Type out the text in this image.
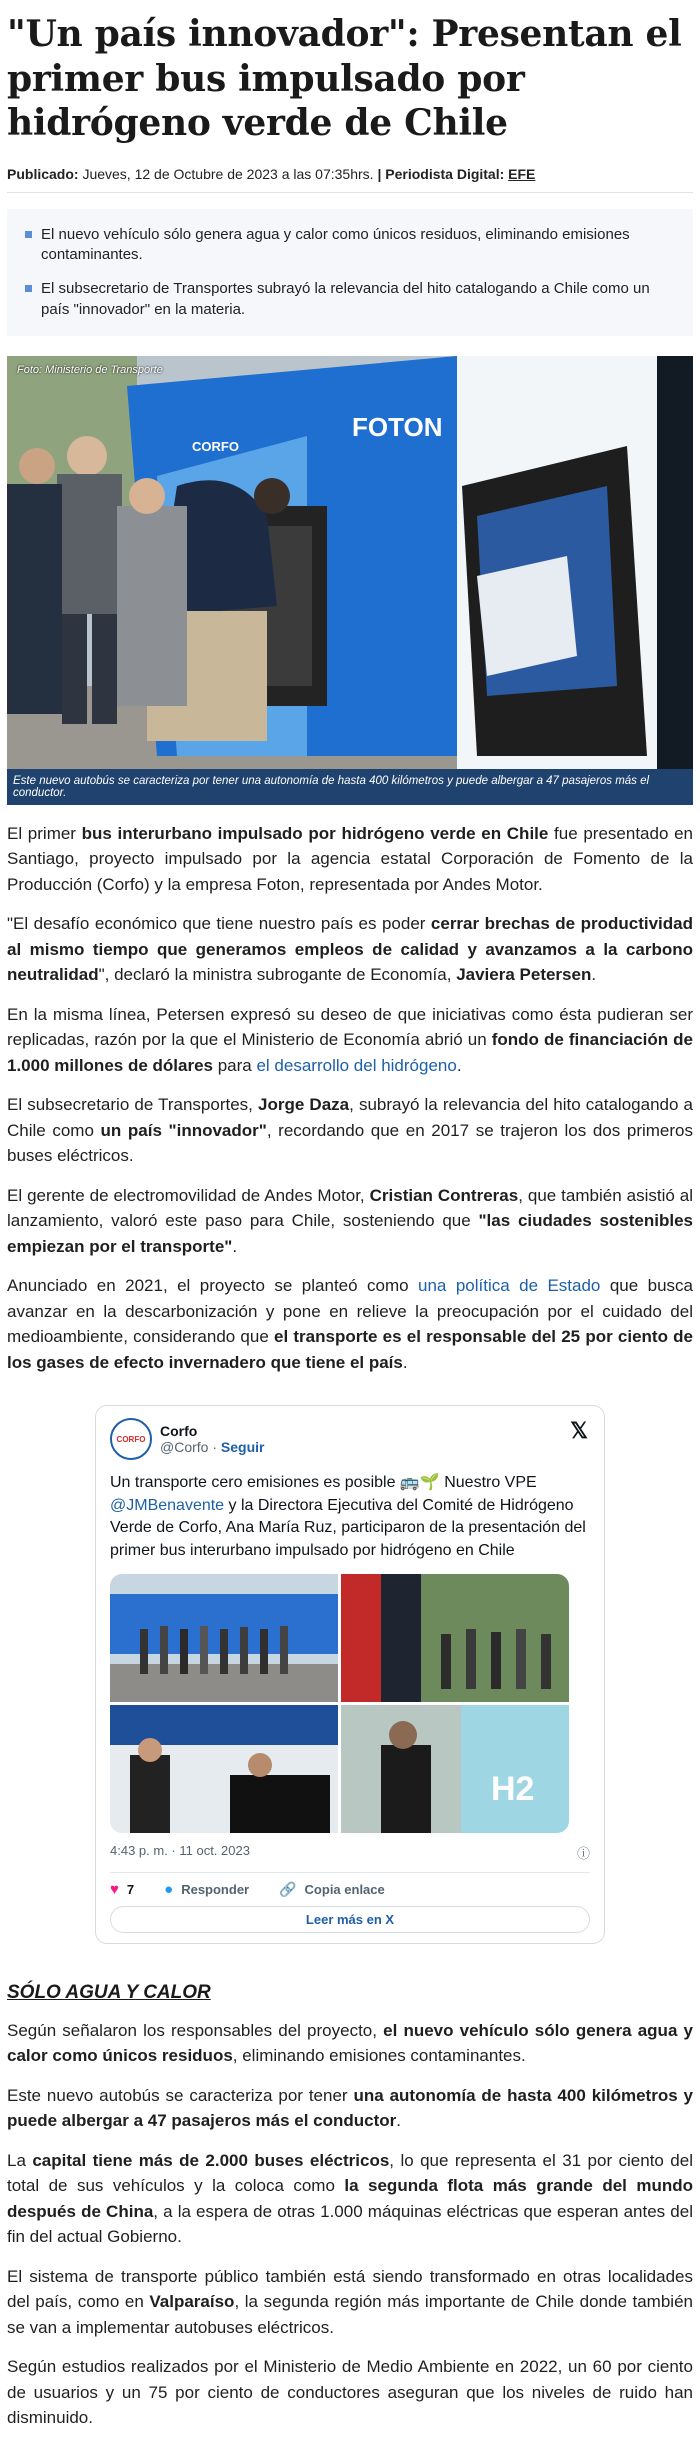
"Un país innovador": Presentan el primer bus impulsado por hidrógeno verde de Chile
Publicado: Jueves, 12 de Octubre de 2023 a las 07:35hrs. | Periodista Digital: EFE
El nuevo vehículo sólo genera agua y calor como únicos residuos, eliminando emisiones contaminantes.
El subsecretario de Transportes subrayó la relevancia del hito catalogando a Chile como un país "innovador" en la materia.
Foto: Ministerio de Transporte
FOTON
CORFO
Este nuevo autobús se caracteriza por tener una autonomía de hasta 400 kilómetros y puede albergar a 47 pasajeros más el conductor.

El primer bus interurbano impulsado por hidrógeno verde en Chile fue presentado en Santiago, proyecto impulsado por la agencia estatal Corporación de Fomento de la Producción (Corfo) y la empresa Foton, representada por Andes Motor.

"El desafío económico que tiene nuestro país es poder cerrar brechas de productividad al mismo tiempo que generamos empleos de calidad y avanzamos a la carbono neutralidad", declaró la ministra subrogante de Economía, Javiera Petersen.

En la misma línea, Petersen expresó su deseo de que iniciativas como ésta pudieran ser replicadas, razón por la que el Ministerio de Economía abrió un fondo de financiación de 1.000 millones de dólares para el desarrollo del hidrógeno.

El subsecretario de Transportes, Jorge Daza, subrayó la relevancia del hito catalogando a Chile como un país "innovador", recordando que en 2017 se trajeron los dos primeros buses eléctricos.

El gerente de electromovilidad de Andes Motor, Cristian Contreras, que también asistió al lanzamiento, valoró este paso para Chile, sosteniendo que "las ciudades sostenibles empiezan por el transporte".

Anunciado en 2021, el proyecto se planteó como una política de Estado que busca avanzar en la descarbonización y pone en relieve la preocupación por el cuidado del medioambiente, considerando que el transporte es el responsable del 25 por ciento de los gases de efecto invernadero que tiene el país.

CORFO	Corfo
@Corfo · Seguir
𝕏
Un transporte cero emisiones es posible 🚌🌱 Nuestro VPE @JMBenavente y la Directora Ejecutiva del Comité de Hidrógeno Verde de Corfo, Ana María Ruz, participaron de la presentación del primer bus interurbano impulsado por hidrógeno en Chile
H2
4:43 p. m. · 11 oct. 2023	ⓘ
♥ 7 ● Responder 🔗 Copia enlace
Leer más en X
SÓLO AGUA Y CALOR

Según señalaron los responsables del proyecto, el nuevo vehículo sólo genera agua y calor como únicos residuos, eliminando emisiones contaminantes.

Este nuevo autobús se caracteriza por tener una autonomía de hasta 400 kilómetros y puede albergar a 47 pasajeros más el conductor.

La capital tiene más de 2.000 buses eléctricos, lo que representa el 31 por ciento del total de sus vehículos y la coloca como la segunda flota más grande del mundo después de China, a la espera de otras 1.000 máquinas eléctricas que esperan antes del fin del actual Gobierno.

El sistema de transporte público también está siendo transformado en otras localidades del país, como en Valparaíso, la segunda región más importante de Chile donde también se van a implementar autobuses eléctricos.

Según estudios realizados por el Ministerio de Medio Ambiente en 2022, un 60 por ciento de usuarios y un 75 por ciento de conductores aseguran que los niveles de ruido han disminuido.
